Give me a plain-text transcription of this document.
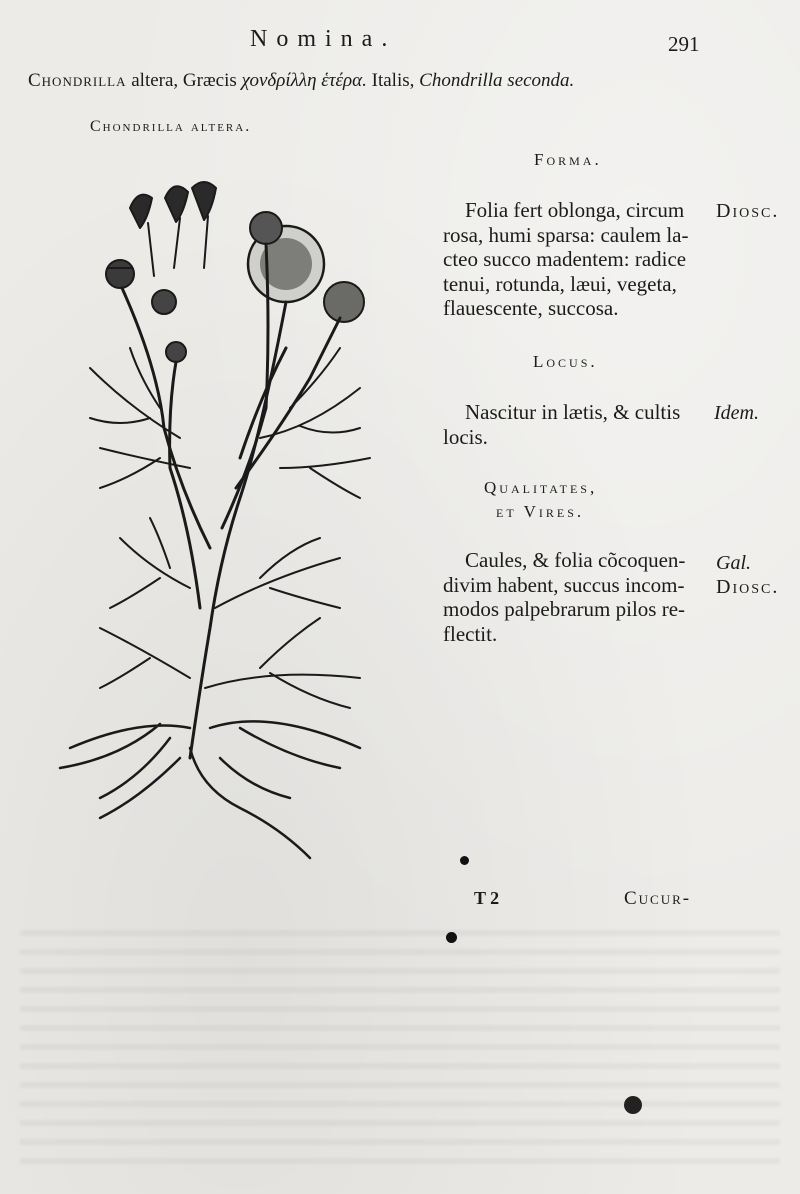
Nomina.	291
Chondrilla altera, Græcis χονδρίλλη ἑτέρα. Italis, Chondrilla seconda.
Chondrilla altera.
Forma.
Folia fert oblonga, circum
rosa, humi sparsa: caulem la-
cteo succo madentem: radice
tenui, rotunda, læui, vegeta,
flauescente, succosa.
Diosc.
Locus.
Nascitur in lætis, & cultis
locis.
Idem.
Qualitates,
et Vires.
Caules, & folia cõcoquen-
divim habent, succus incom-
modos palpebrarum pilos re-
flectit.
Gal.
Diosc.
T 2	Cucur-
